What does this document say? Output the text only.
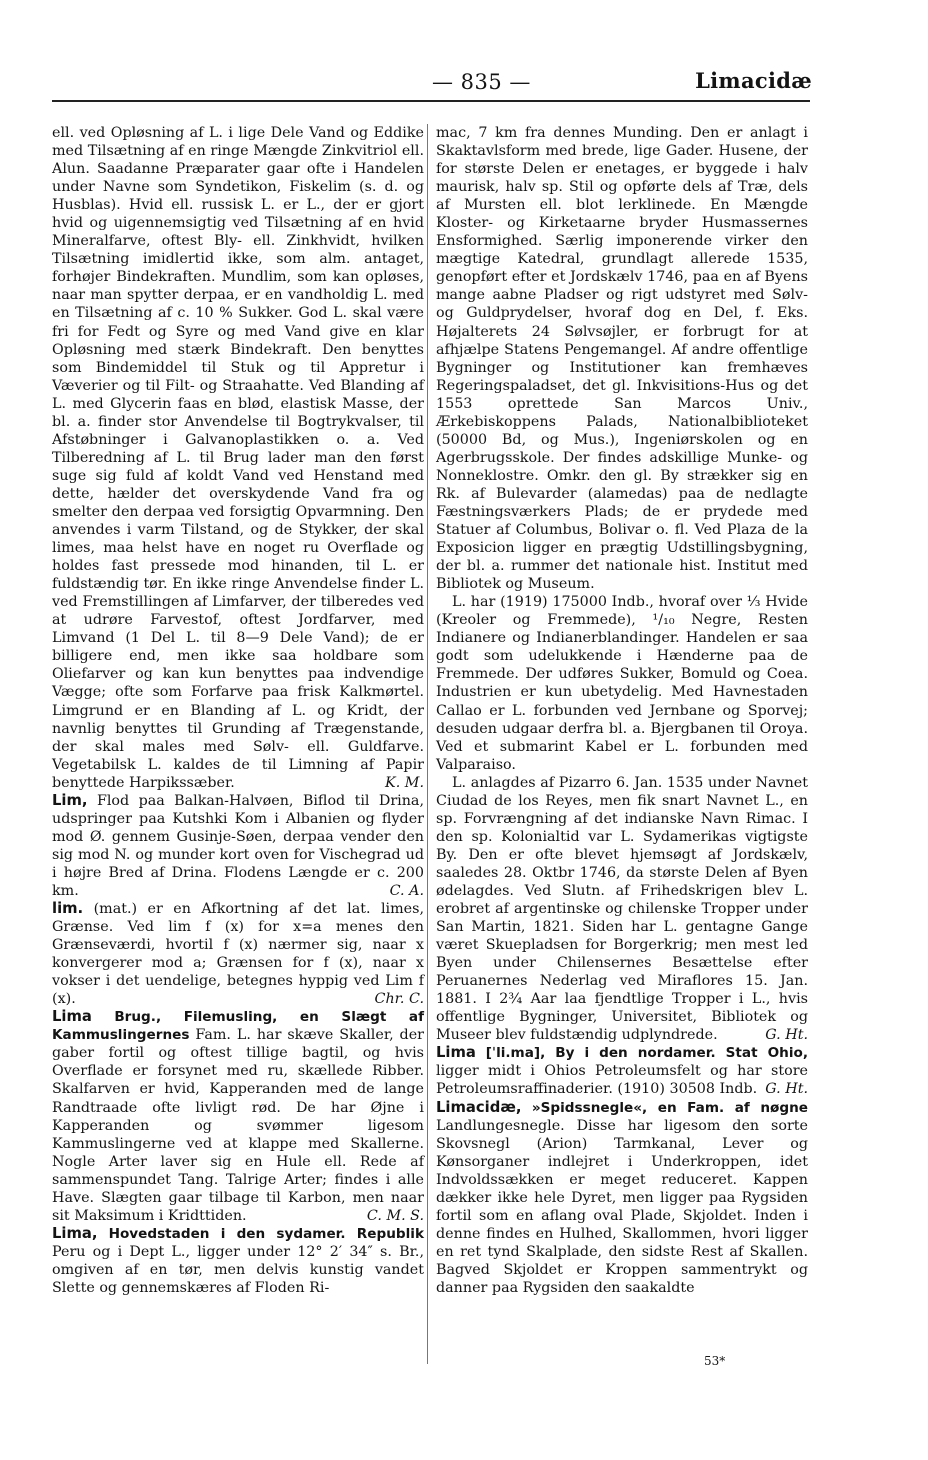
— 835 —	Limacidæ

ell. ved Opløsning af L. i lige Dele Vand og Eddike med Tilsætning af en ringe Mængde Zinkvitriol ell. Alun. Saadanne Præparater gaar ofte i Handelen under Navne som Syndetikon, Fiskelim (s. d. og Husblas). Hvid ell. russisk L. er L., der er gjort hvid og uigennemsigtig ved Tilsætning af en hvid Mineralfarve, oftest Bly- ell. Zinkhvidt, hvilken Tilsætning imidlertid ikke, som alm. antaget, forhøjer Bindekraften. Mundlim, som kan opløses, naar man spytter derpaa, er en vandholdig L. med en Tilsætning af c. 10 % Sukker. God L. skal være fri for Fedt og Syre og med Vand give en klar Opløsning med stærk Bindekraft. Den benyttes som Bindemiddel til Stuk og til Appretur i Væverier og til Filt- og Straahatte. Ved Blanding af L. med Glycerin faas en blød, elastisk Masse, der bl. a. finder stor Anvendelse til Bogtrykvalser, til Afstøbninger i Galvanoplastikken o. a. Ved Tilberedning af L. til Brug lader man den først suge sig fuld af koldt Vand ved Henstand med dette, hælder det overskydende Vand fra og smelter den derpaa ved forsigtig Opvarmning. Den anvendes i varm Tilstand, og de Stykker, der skal limes, maa helst have en noget ru Overflade og holdes fast pressede mod hinanden, til L. er fuldstændig tør. En ikke ringe Anvendelse finder L. ved Fremstillingen af Limfarver, der tilberedes ved at udrøre Farvestof, oftest Jordfarver, med Limvand (1 Del L. til 8—9 Dele Vand); de er billigere end, men ikke saa holdbare som Oliefarver og kan kun benyttes paa indvendige Vægge; ofte som Forfarve paa frisk Kalkmørtel. Limgrund er en Blanding af L. og Kridt, der navnlig benyttes til Grunding af Trægenstande, der skal males med Sølv- ell. Guldfarve. Vegetabilsk L. kaldes de til Limning af Papir benyttede Harpikssæber.	K. M.

Lim, Flod paa Balkan-Halvøen, Biflod til Drina, udspringer paa Kutshki Kom i Albanien og flyder mod Ø. gennem Gusinje-Søen, derpaa vender den sig mod N. og munder kort oven for Vischegrad ud i højre Bred af Drina. Flodens Længde er c. 200 km.	C. A.

lim. (mat.) er en Afkortning af det lat. limes, Grænse. Ved lim f (x) for x=a menes den Grænseværdi, hvortil f (x) nærmer sig, naar x konvergerer mod a; Grænsen for f (x), naar x vokser i det uendelige, betegnes hyppig ved Lim f (x).	Chr. C.

Lima Brug., Filemusling, en Slægt af Kammuslingernes Fam. L. har skæve Skaller, der gaber fortil og oftest tillige bagtil, og hvis Overflade er forsynet med ru, skællede Ribber. Skalfarven er hvid, Kapperanden med de lange Randtraade ofte livligt rød. De har Øjne i Kapperanden og svømmer ligesom Kammuslingerne ved at klappe med Skallerne. Nogle Arter laver sig en Hule ell. Rede af sammenspundet Tang. Talrige Arter; findes i alle Have. Slægten gaar tilbage til Karbon, men naar sit Maksimum i Kridttiden.	C. M. S.

Lima, Hovedstaden i den sydamer. Republik Peru og i Dept L., ligger under 12° 2′ 34″ s. Br., omgiven af en tør, men delvis kunstig vandet Slette og gennemskæres af Floden Ri-

mac, 7 km fra dennes Munding. Den er anlagt i Skaktavlsform med brede, lige Gader. Husene, der for største Delen er enetages, er byggede i halv maurisk, halv sp. Stil og opførte dels af Træ, dels af Mursten ell. blot lerklinede. En Mængde Kloster- og Kirketaarne bryder Husmassernes Ensformighed. Særlig imponerende virker den mægtige Katedral, grundlagt allerede 1535, genopført efter et Jordskælv 1746, paa en af Byens mange aabne Pladser og rigt udstyret med Sølv- og Guldprydelser, hvoraf dog en Del, f. Eks. Højalterets 24 Sølvsøjler, er forbrugt for at afhjælpe Statens Pengemangel. Af andre offentlige Bygninger og Institutioner kan fremhæves Regeringspaladset, det gl. Inkvisitions-Hus og det 1553 oprettede San Marcos Univ., Ærkebiskoppens Palads, Nationalbiblioteket (50000 Bd, og Mus.), Ingeniørskolen og en Agerbrugsskole. Der findes adskillige Munke- og Nonneklostre. Omkr. den gl. By strækker sig en Rk. af Bulevarder (alamedas) paa de nedlagte Fæstningsværkers Plads; de er prydede med Statuer af Columbus, Bolivar o. fl. Ved Plaza de la Exposicion ligger en prægtig Udstillingsbygning, der bl. a. rummer det nationale hist. Institut med Bibliotek og Museum.

L. har (1919) 175000 Indb., hvoraf over ⅓ Hvide (Kreoler og Fremmede), ¹/₁₀ Negre, Resten Indianere og Indianerblandinger. Handelen er saa godt som udelukkende i Hænderne paa de Fremmede. Der udføres Sukker, Bomuld og Coea. Industrien er kun ubetydelig. Med Havnestaden Callao er L. forbunden ved Jernbane og Sporvej; desuden udgaar derfra bl. a. Bjergbanen til Oroya. Ved et submarint Kabel er L. forbunden med Valparaiso.

L. anlagdes af Pizarro 6. Jan. 1535 under Navnet Ciudad de los Reyes, men fik snart Navnet L., en sp. Forvrængning af det indianske Navn Rimac. I den sp. Kolonialtid var L. Sydamerikas vigtigste By. Den er ofte blevet hjemsøgt af Jordskælv, saaledes 28. Oktbr 1746, da største Delen af Byen ødelagdes. Ved Slutn. af Frihedskrigen blev L. erobret af argentinske og chilenske Tropper under San Martin, 1821. Siden har L. gentagne Gange været Skuepladsen for Borgerkrig; men mest led Byen under Chilensernes Besættelse efter Peruanernes Nederlag ved Miraflores 15. Jan. 1881. I 2¾ Aar laa fjendtlige Tropper i L., hvis offentlige Bygninger, Universitet, Bibliotek og Museer blev fuldstændig udplyndrede.	G. Ht.

Lima [ˈli.ma], By i den nordamer. Stat Ohio, ligger midt i Ohios Petroleumsfelt og har store Petroleumsraffinaderier. (1910) 30508 Indb. G. Ht.

Limacidæ, »Spidssnegle«, en Fam. af nøgne Landlungesnegle. Disse har ligesom den sorte Skovsnegl (Arion) Tarmkanal, Lever og Kønsorganer indlejret i Underkroppen, idet Indvoldssækken er meget reduceret. Kappen dækker ikke hele Dyret, men ligger paa Rygsiden fortil som en aflang oval Plade, Skjoldet. Inden i denne findes en Hulhed, Skallommen, hvori ligger en ret tynd Skalplade, den sidste Rest af Skallen. Bagved Skjoldet er Kroppen sammentrykt og danner paa Rygsiden den saakaldte

53*
